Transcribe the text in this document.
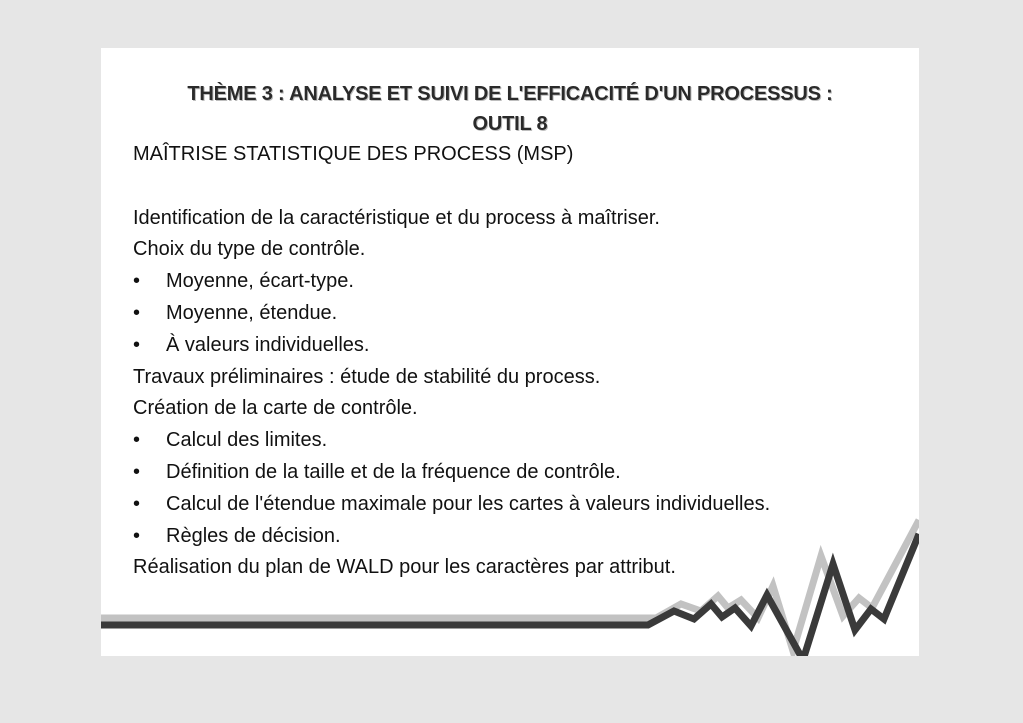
THÈME 3 : ANALYSE ET SUIVI DE L'EFFICACITÉ D'UN PROCESSUS :
OUTIL 8
MAÎTRISE STATISTIQUE DES PROCESS (MSP)
Identification de la caractéristique et du process à maîtriser.
Choix du type de contrôle.
• Moyenne, écart-type.
• Moyenne, étendue.
• À valeurs individuelles.
Travaux préliminaires : étude de stabilité du process.
Création de la carte de contrôle.
• Calcul des limites.
• Définition de la taille et de la fréquence de contrôle.
• Calcul de l'étendue maximale pour les cartes à valeurs individuelles.
• Règles de décision.
Réalisation du plan de WALD pour les caractères par attribut.
